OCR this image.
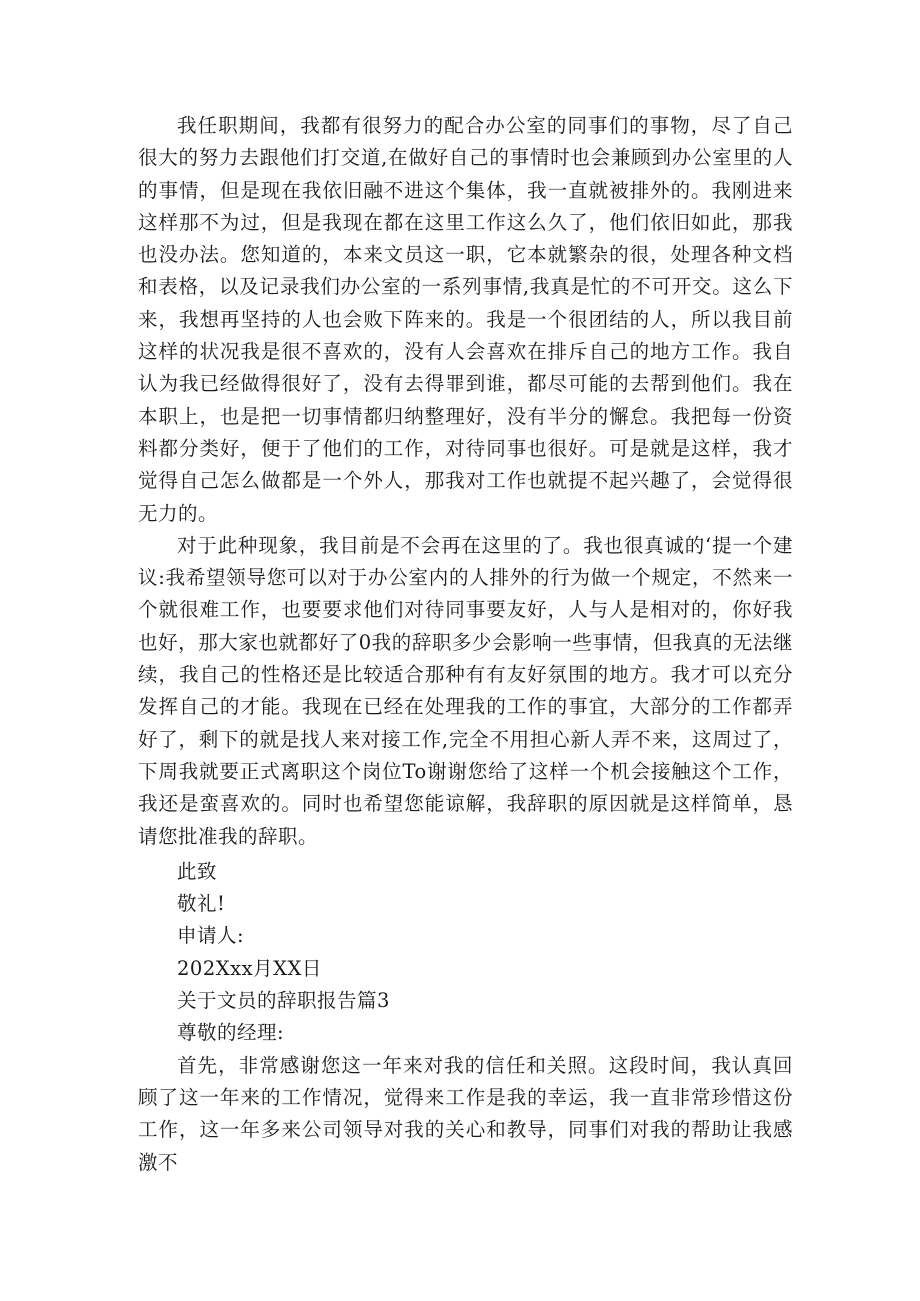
我任职期间，我都有很努力的配合办公室的同事们的事物，尽了自己很大的努力去跟他们打交道,在做好自己的事情时也会兼顾到办公室里的人的事情，但是现在我依旧融不进这个集体，我一直就被排外的。我刚进来这样那不为过，但是我现在都在这里工作这么久了，他们依旧如此，那我也没办法。您知道的，本来文员这一职，它本就繁杂的很，处理各种文档和表格，以及记录我们办公室的一系列事情,我真是忙的不可开交。这么下来，我想再坚持的人也会败下阵来的。我是一个很团结的人，所以我目前这样的状况我是很不喜欢的，没有人会喜欢在排斥自己的地方工作。我自认为我已经做得很好了，没有去得罪到谁，都尽可能的去帮到他们。我在本职上，也是把一切事情都归纳整理好，没有半分的懈怠。我把每一份资料都分类好，便于了他们的工作，对待同事也很好。可是就是这样，我才觉得自己怎么做都是一个外人，那我对工作也就提不起兴趣了，会觉得很无力的。

对于此种现象，我目前是不会再在这里的了。我也很真诚的‘提一个建议:我希望领导您可以对于办公室内的人排外的行为做一个规定，不然来一个就很难工作，也要要求他们对待同事要友好，人与人是相对的，你好我也好，那大家也就都好了0我的辞职多少会影响一些事情，但我真的无法继续，我自己的性格还是比较适合那种有有友好氛围的地方。我才可以充分发挥自己的才能。我现在已经在处理我的工作的事宜，大部分的工作都弄好了，剩下的就是找人来对接工作,完全不用担心新人弄不来，这周过了，下周我就要正式离职这个岗位To谢谢您给了这样一个机会接触这个工作，我还是蛮喜欢的。同时也希望您能谅解，我辞职的原因就是这样简单，恳请您批准我的辞职。

此致

敬礼!

申请人:

202Xxx月XX日

关于文员的辞职报告篇3

尊敬的经理:

首先，非常感谢您这一年来对我的信任和关照。这段时间，我认真回顾了这一年来的工作情况，觉得来工作是我的幸运，我一直非常珍惜这份工作，这一年多来公司领导对我的关心和教导，同事们对我的帮助让我感激不
